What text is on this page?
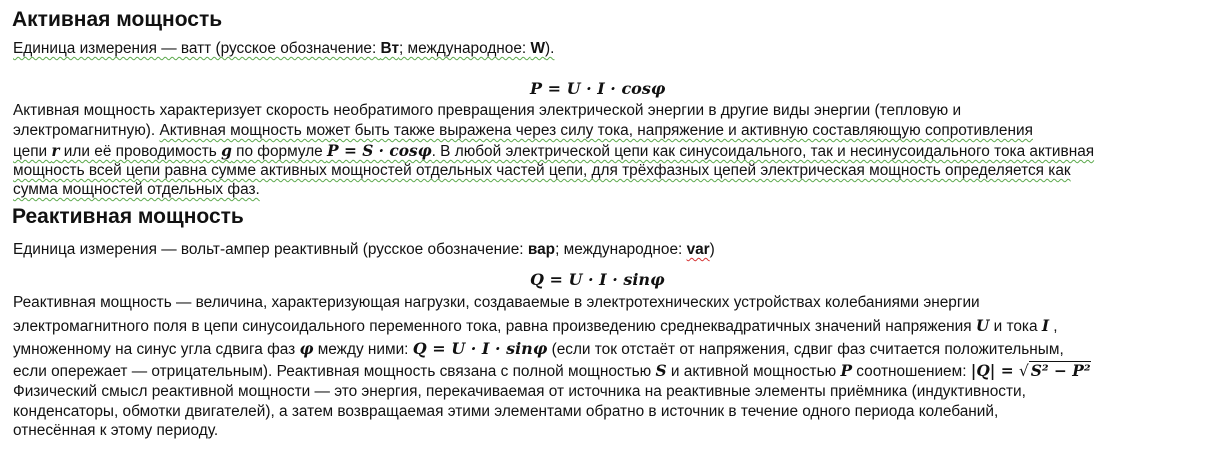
Активная мощность
Единица измерения — ватт (русское обозначение: Вт; международное: W).
P = U · I · cosφ
Активная мощность характеризует скорость необратимого превращения электрической энергии в другие виды энергии (тепловую и
электромагнитную). Активная мощность может быть также выражена через силу тока, напряжение и активную составляющую сопротивления
цепи r или её проводимость g по формуле P = S · cosφ. В любой электрической цепи как синусоидального, так и несинусоидального тока активная
мощность всей цепи равна сумме активных мощностей отдельных частей цепи, для трёхфазных цепей электрическая мощность определяется как
сумма мощностей отдельных фаз.
Реактивная мощность
Единица измерения — вольт-ампер реактивный (русское обозначение: вар; международное: var)
Q = U · I · sinφ
Реактивная мощность — величина, характеризующая нагрузки, создаваемые в электротехнических устройствах колебаниями энергии
электромагнитного поля в цепи синусоидального переменного тока, равна произведению среднеквадратичных значений напряжения U и тока I ,
умноженному на синус угла сдвига фаз φ между ними: Q = U · I · sinφ (если ток отстаёт от напряжения, сдвиг фаз считается положительным,
если опережает — отрицательным). Реактивная мощность связана с полной мощностью S и активной мощностью P соотношением: |Q| = √ S² − P²
Физический смысл реактивной мощности — это энергия, перекачиваемая от источника на реактивные элементы приёмника (индуктивности,
конденсаторы, обмотки двигателей), а затем возвращаемая этими элементами обратно в источник в течение одного периода колебаний,
отнесённая к этому периоду.
